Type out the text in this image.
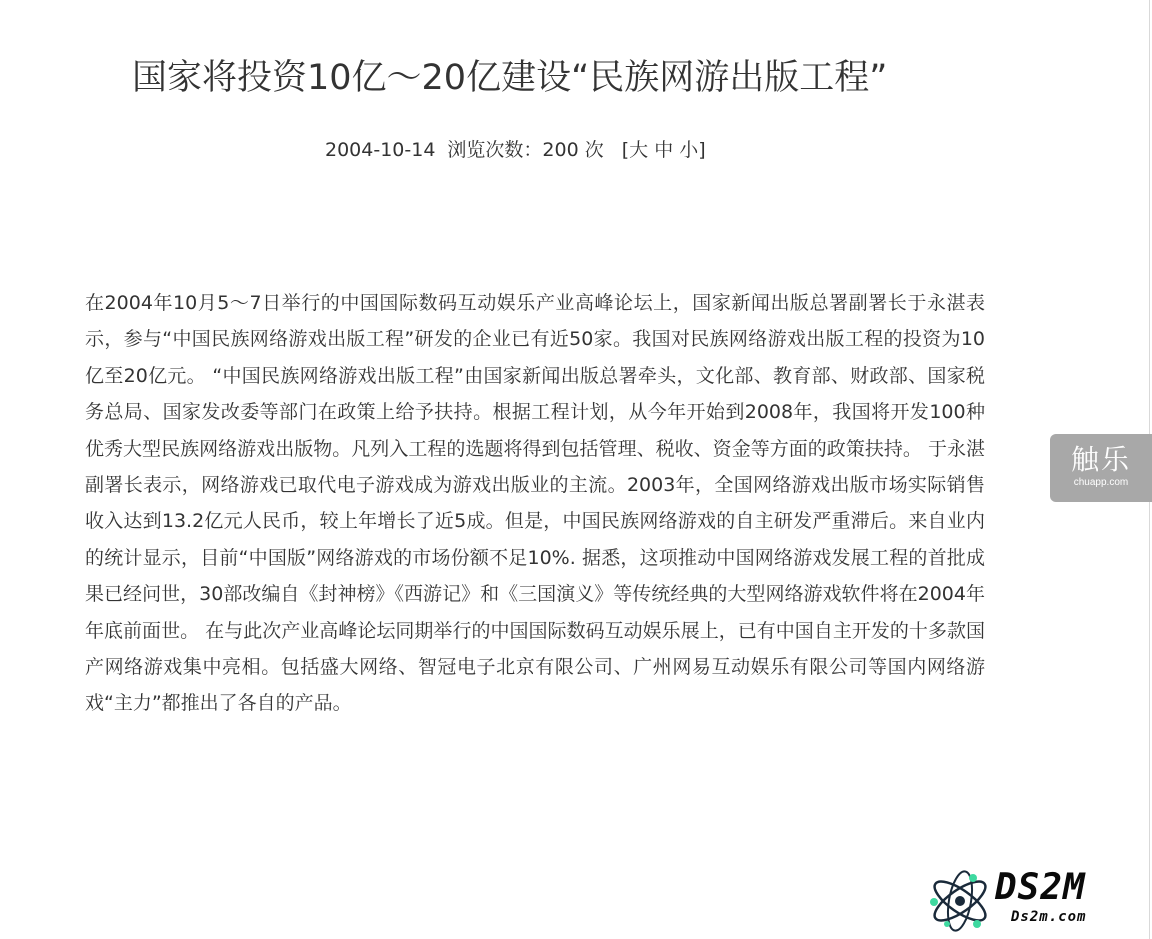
国家将投资10亿～20亿建设“民族网游出版工程”
2004-10-14 浏览次数：200 次 [大 中 小]

在2004年10月5～7日举行的中国国际数码互动娱乐产业高峰论坛上，国家新闻出版总署副署长于永湛表示，参与“中国民族网络游戏出版工程”研发的企业已有近50家。我国对民族网络游戏出版工程的投资为10亿至20亿元。 “中国民族网络游戏出版工程”由国家新闻出版总署牵头，文化部、教育部、财政部、国家税务总局、国家发改委等部门在政策上给予扶持。根据工程计划，从今年开始到2008年，我国将开发100种优秀大型民族网络游戏出版物。凡列入工程的选题将得到包括管理、税收、资金等方面的政策扶持。 于永湛副署长表示，网络游戏已取代电子游戏成为游戏出版业的主流。2003年，全国网络游戏出版市场实际销售收入达到13.2亿元人民币，较上年增长了近5成。但是，中国民族网络游戏的自主研发严重滞后。来自业内的统计显示，目前“中国版”网络游戏的市场份额不足10%. 据悉，这项推动中国网络游戏发展工程的首批成果已经问世，30部改编自《封神榜》《西游记》和《三国演义》等传统经典的大型网络游戏软件将在2004年年底前面世。 在与此次产业高峰论坛同期举行的中国国际数码互动娱乐展上，已有中国自主开发的十多款国产网络游戏集中亮相。包括盛大网络、智冠电子北京有限公司、广州网易互动娱乐有限公司等国内网络游戏“主力”都推出了各自的产品。

触乐
chuapp.com
DS2M
Ds2m.com
